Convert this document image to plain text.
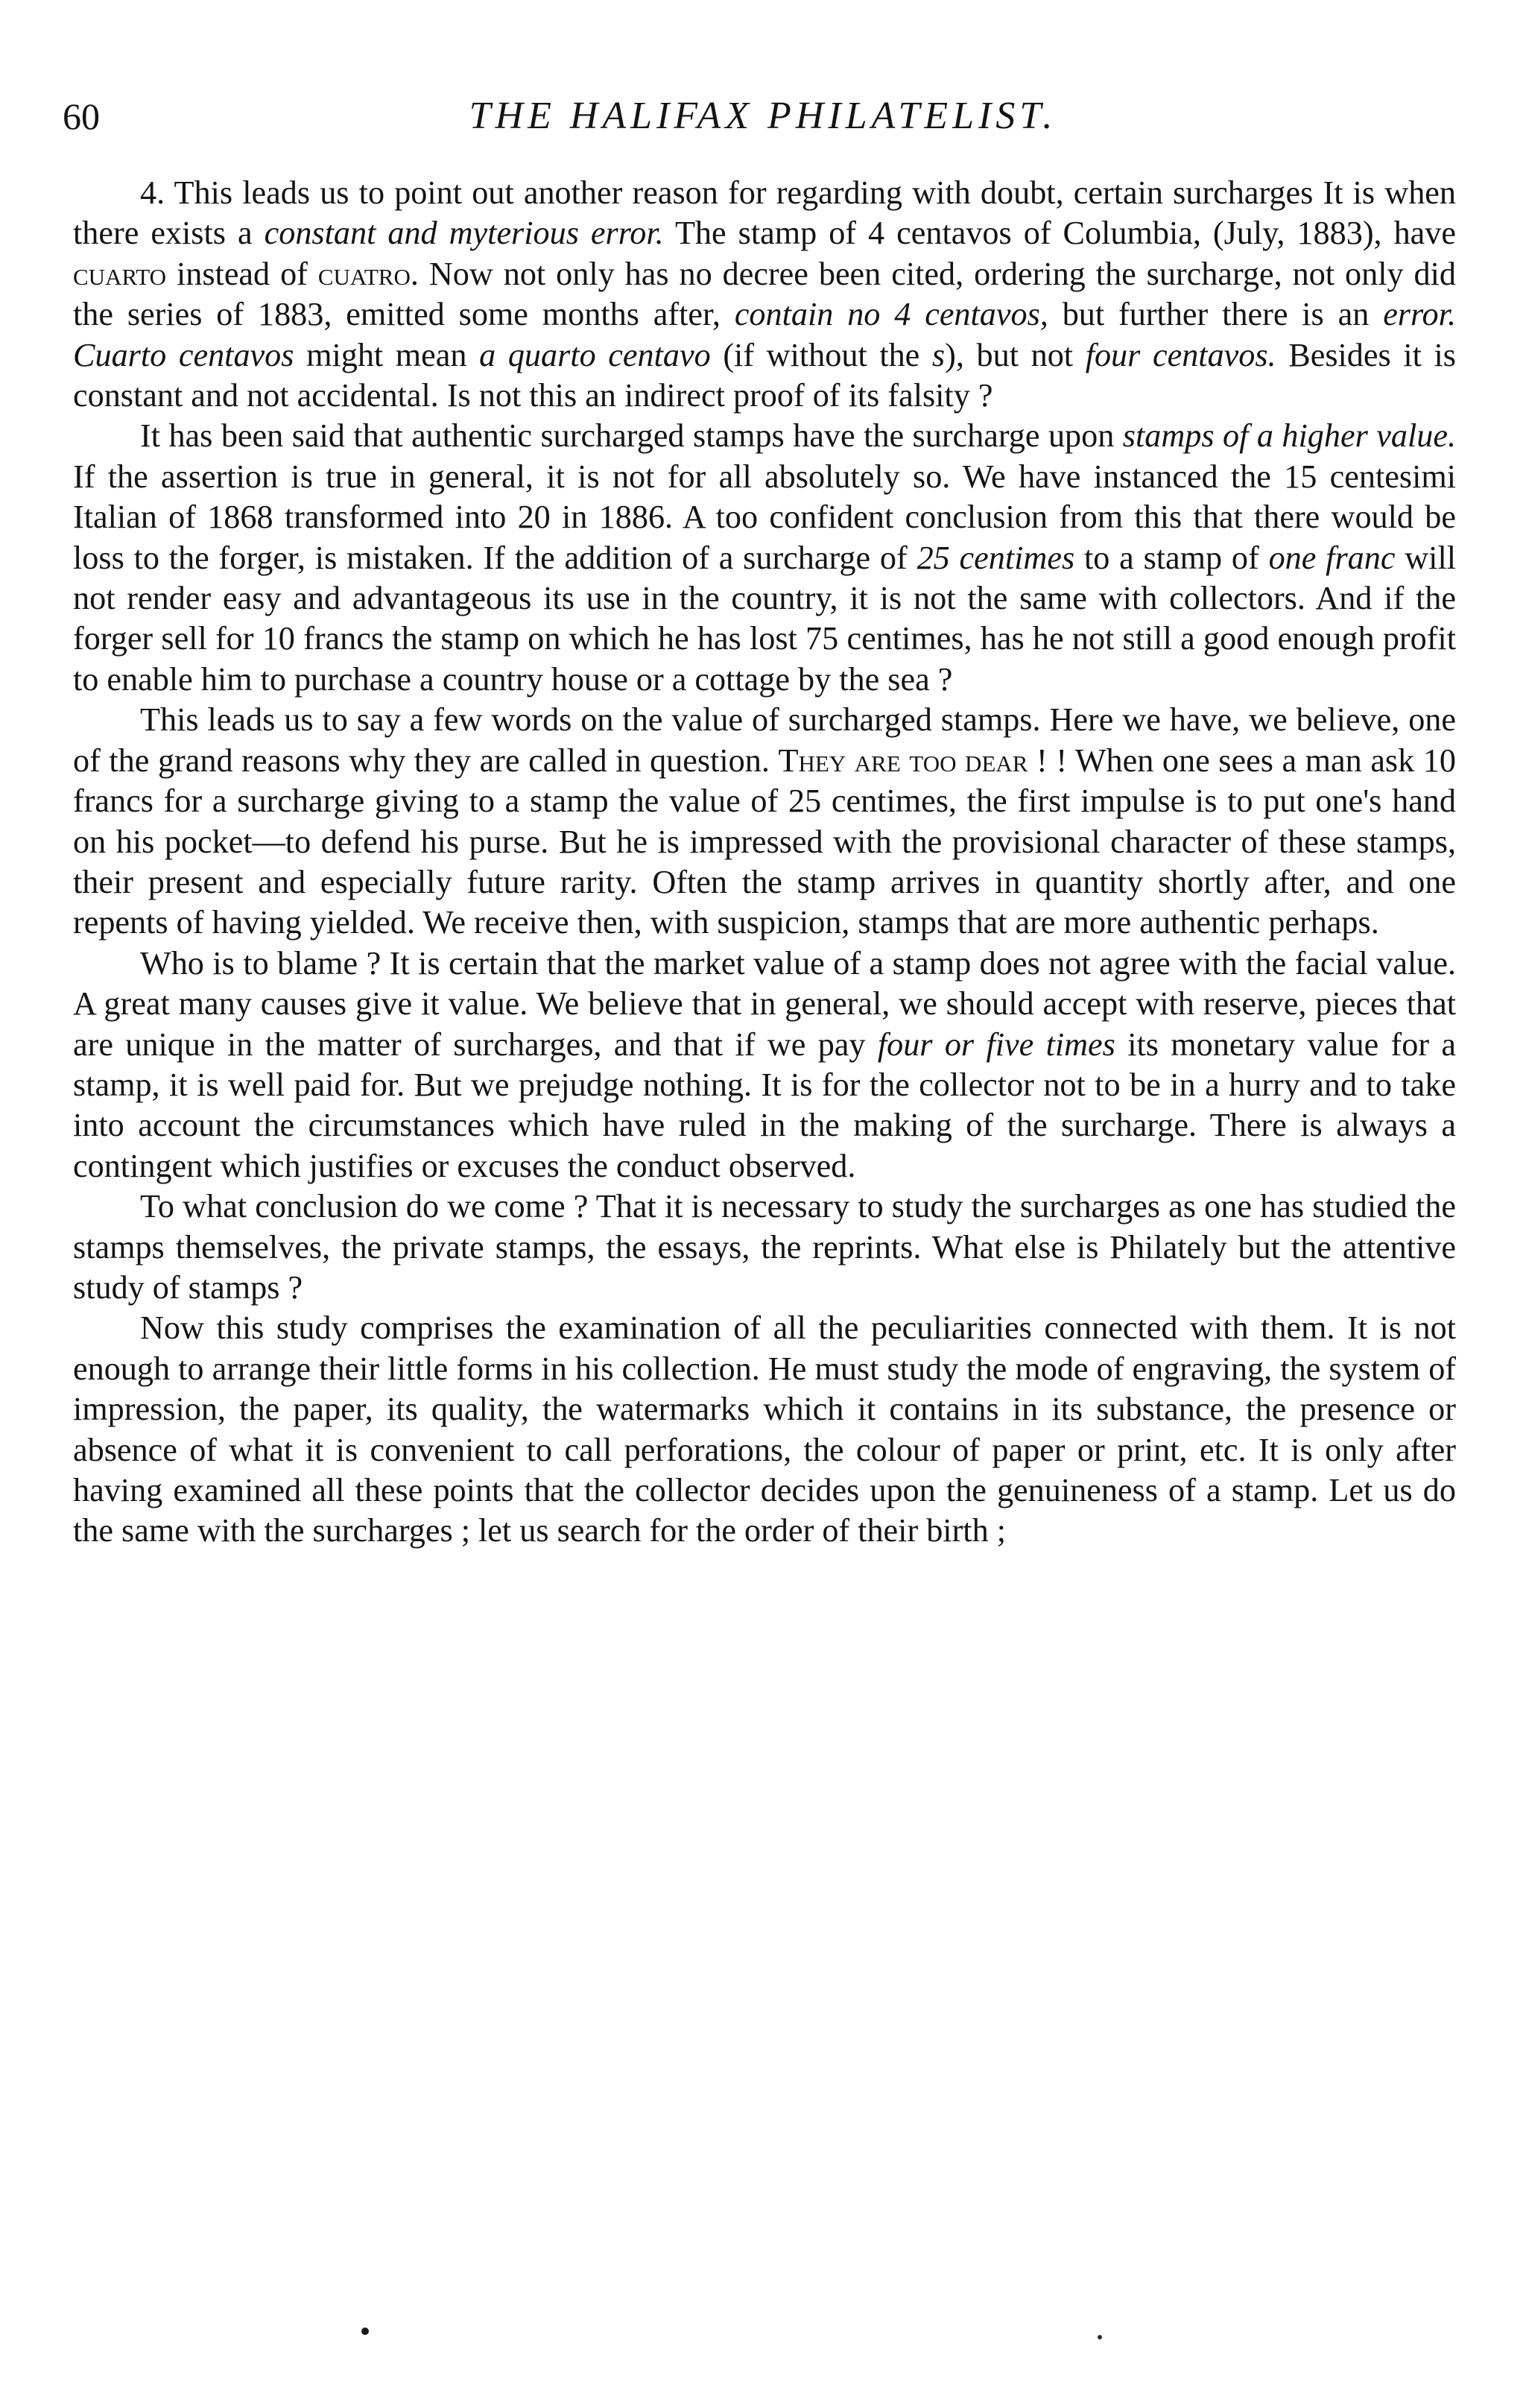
60	THE HALIFAX PHILATELIST.

4. This leads us to point out another reason for regarding with doubt, certain surcharges It is when there exists a constant and myterious error. The stamp of 4 centavos of Columbia, (July, 1883), have cuarto instead of cuatro. Now not only has no decree been cited, ordering the surcharge, not only did the series of 1883, emitted some months after, contain no 4 centavos, but further there is an error. Cuarto centavos might mean a quarto centavo (if without the s), but not four centavos. Besides it is constant and not accidental. Is not this an indirect proof of its falsity ?

It has been said that authentic surcharged stamps have the surcharge upon stamps of a higher value. If the assertion is true in general, it is not for all absolutely so. We have instanced the 15 centesimi Italian of 1868 transformed into 20 in 1886. A too confident conclusion from this that there would be loss to the forger, is mistaken. If the addition of a surcharge of 25 centimes to a stamp of one franc will not render easy and advantageous its use in the country, it is not the same with collectors. And if the forger sell for 10 francs the stamp on which he has lost 75 centimes, has he not still a good enough profit to enable him to purchase a country house or a cottage by the sea ?

This leads us to say a few words on the value of surcharged stamps. Here we have, we believe, one of the grand reasons why they are called in question. They are too dear ! ! When one sees a man ask 10 francs for a surcharge giving to a stamp the value of 25 centimes, the first impulse is to put one's hand on his pocket—to defend his purse. But he is impressed with the provisional character of these stamps, their present and especially future rarity. Often the stamp arrives in quantity shortly after, and one repents of having yielded. We receive then, with suspicion, stamps that are more authentic perhaps.

Who is to blame ? It is certain that the market value of a stamp does not agree with the facial value. A great many causes give it value. We believe that in general, we should accept with reserve, pieces that are unique in the matter of surcharges, and that if we pay four or five times its monetary value for a stamp, it is well paid for. But we prejudge nothing. It is for the collector not to be in a hurry and to take into account the circumstances which have ruled in the making of the surcharge. There is always a contingent which justifies or excuses the conduct observed.

To what conclusion do we come ? That it is necessary to study the surcharges as one has studied the stamps themselves, the private stamps, the essays, the reprints. What else is Philately but the attentive study of stamps ?

Now this study comprises the examination of all the peculiarities connected with them. It is not enough to arrange their little forms in his collection. He must study the mode of engraving, the system of impression, the paper, its quality, the watermarks which it contains in its substance, the presence or absence of what it is convenient to call perforations, the colour of paper or print, etc. It is only after having examined all these points that the collector decides upon the genuineness of a stamp. Let us do the same with the surcharges ; let us search for the order of their birth ;
